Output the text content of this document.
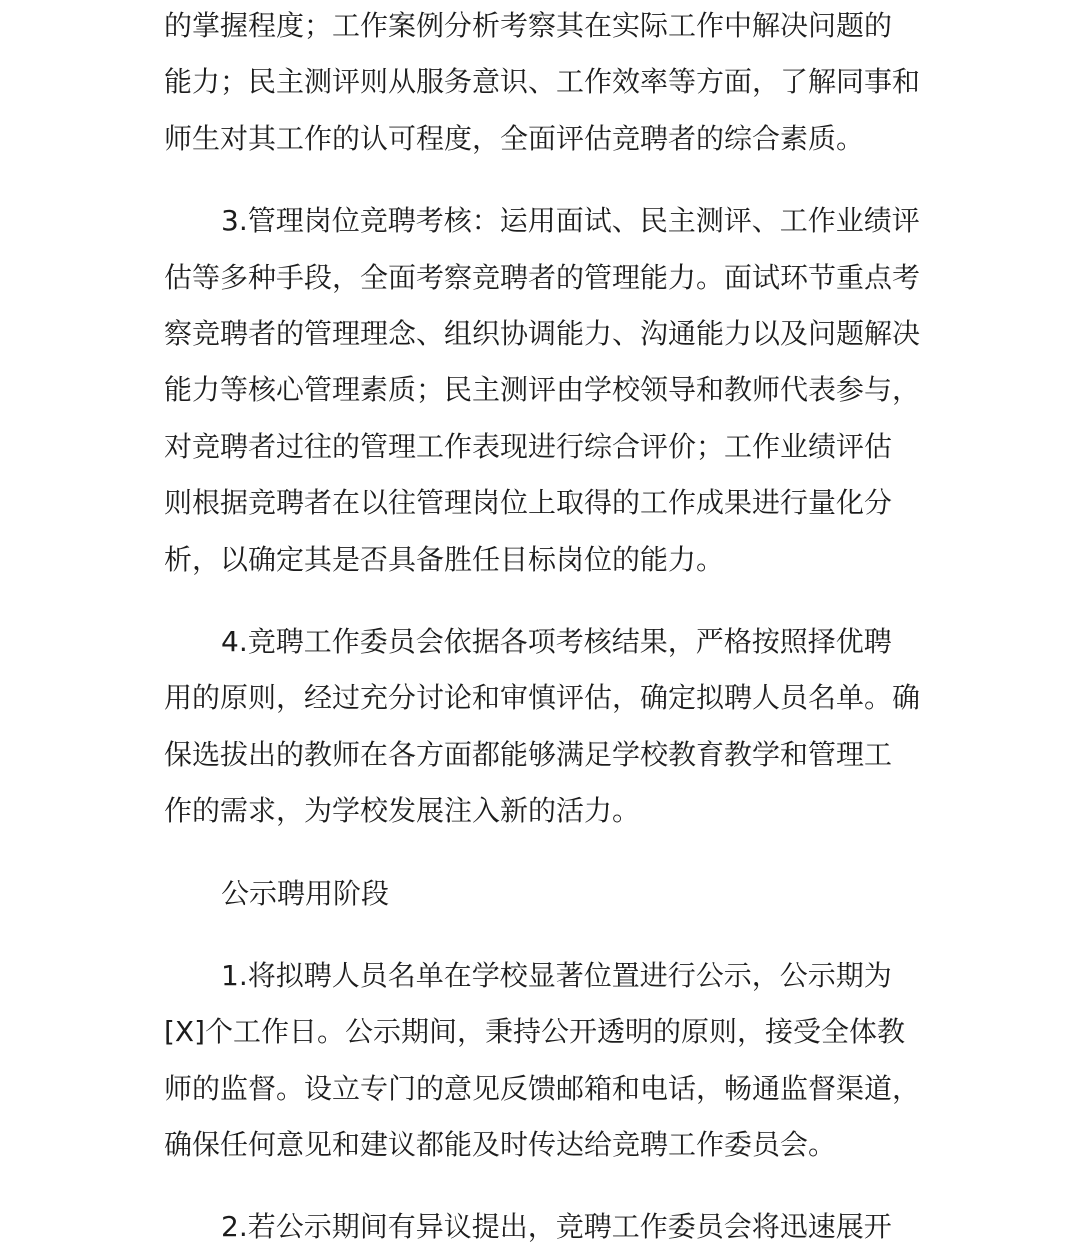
的掌握程度；工作案例分析考察其在实际工作中解决问题的
能力；民主测评则从服务意识、工作效率等方面，了解同事和
师生对其工作的认可程度，全面评估竞聘者的综合素质。
3.管理岗位竞聘考核：运用面试、民主测评、工作业绩评
估等多种手段，全面考察竞聘者的管理能力。面试环节重点考
察竞聘者的管理理念、组织协调能力、沟通能力以及问题解决
能力等核心管理素质；民主测评由学校领导和教师代表参与，
对竞聘者过往的管理工作表现进行综合评价；工作业绩评估
则根据竞聘者在以往管理岗位上取得的工作成果进行量化分
析，以确定其是否具备胜任目标岗位的能力。
4.竞聘工作委员会依据各项考核结果，严格按照择优聘
用的原则，经过充分讨论和审慎评估，确定拟聘人员名单。确
保选拔出的教师在各方面都能够满足学校教育教学和管理工
作的需求，为学校发展注入新的活力。
公示聘用阶段
1.将拟聘人员名单在学校显著位置进行公示，公示期为
[X]个工作日。公示期间，秉持公开透明的原则，接受全体教
师的监督。设立专门的意见反馈邮箱和电话，畅通监督渠道，
确保任何意见和建议都能及时传达给竞聘工作委员会。
2.若公示期间有异议提出，竞聘工作委员会将迅速展开
